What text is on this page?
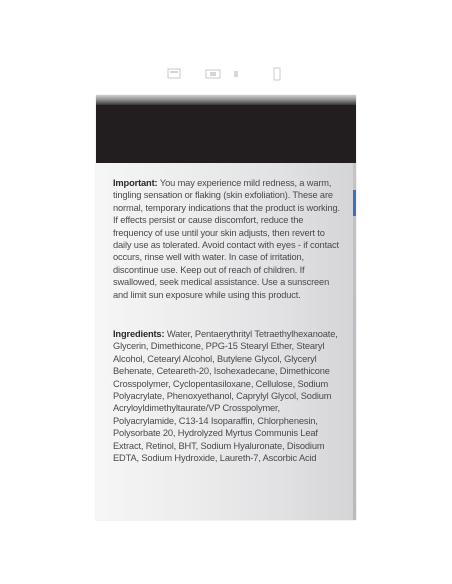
Important: You may experience mild redness, a warm, tingling sensation or flaking (skin exfoliation). These are normal, temporary indications that the product is working. If effects persist or cause discomfort, reduce the frequency of use until your skin adjusts, then revert to daily use as tolerated. Avoid contact with eyes - if contact occurs, rinse well with water. In case of irritation, discontinue use. Keep out of reach of children. If swallowed, seek medical assistance. Use a sunscreen and limit sun exposure while using this product.
Ingredients: Water, Pentaerythrityl Tetraethylhexanoate, Glycerin, Dimethicone, PPG-15 Stearyl Ether, Stearyl Alcohol, Cetearyl Alcohol, Butylene Glycol, Glyceryl Behenate, Ceteareth-20, Isohexadecane, Dimethicone Crosspolymer, Cyclopentasiloxane, Cellulose, Sodium Polyacrylate, Phenoxyethanol, Caprylyl Glycol, Sodium Acryloyldimethyltaurate/VP Crosspolymer, Polyacrylamide, C13-14 Isoparaffin, Chlorphenesin, Polysorbate 20, Hydrolyzed Myrtus Communis Leaf Extract, Retinol, BHT, Sodium Hyaluronate, Disodium EDTA, Sodium Hydroxide, Laureth-7, Ascorbic Acid
